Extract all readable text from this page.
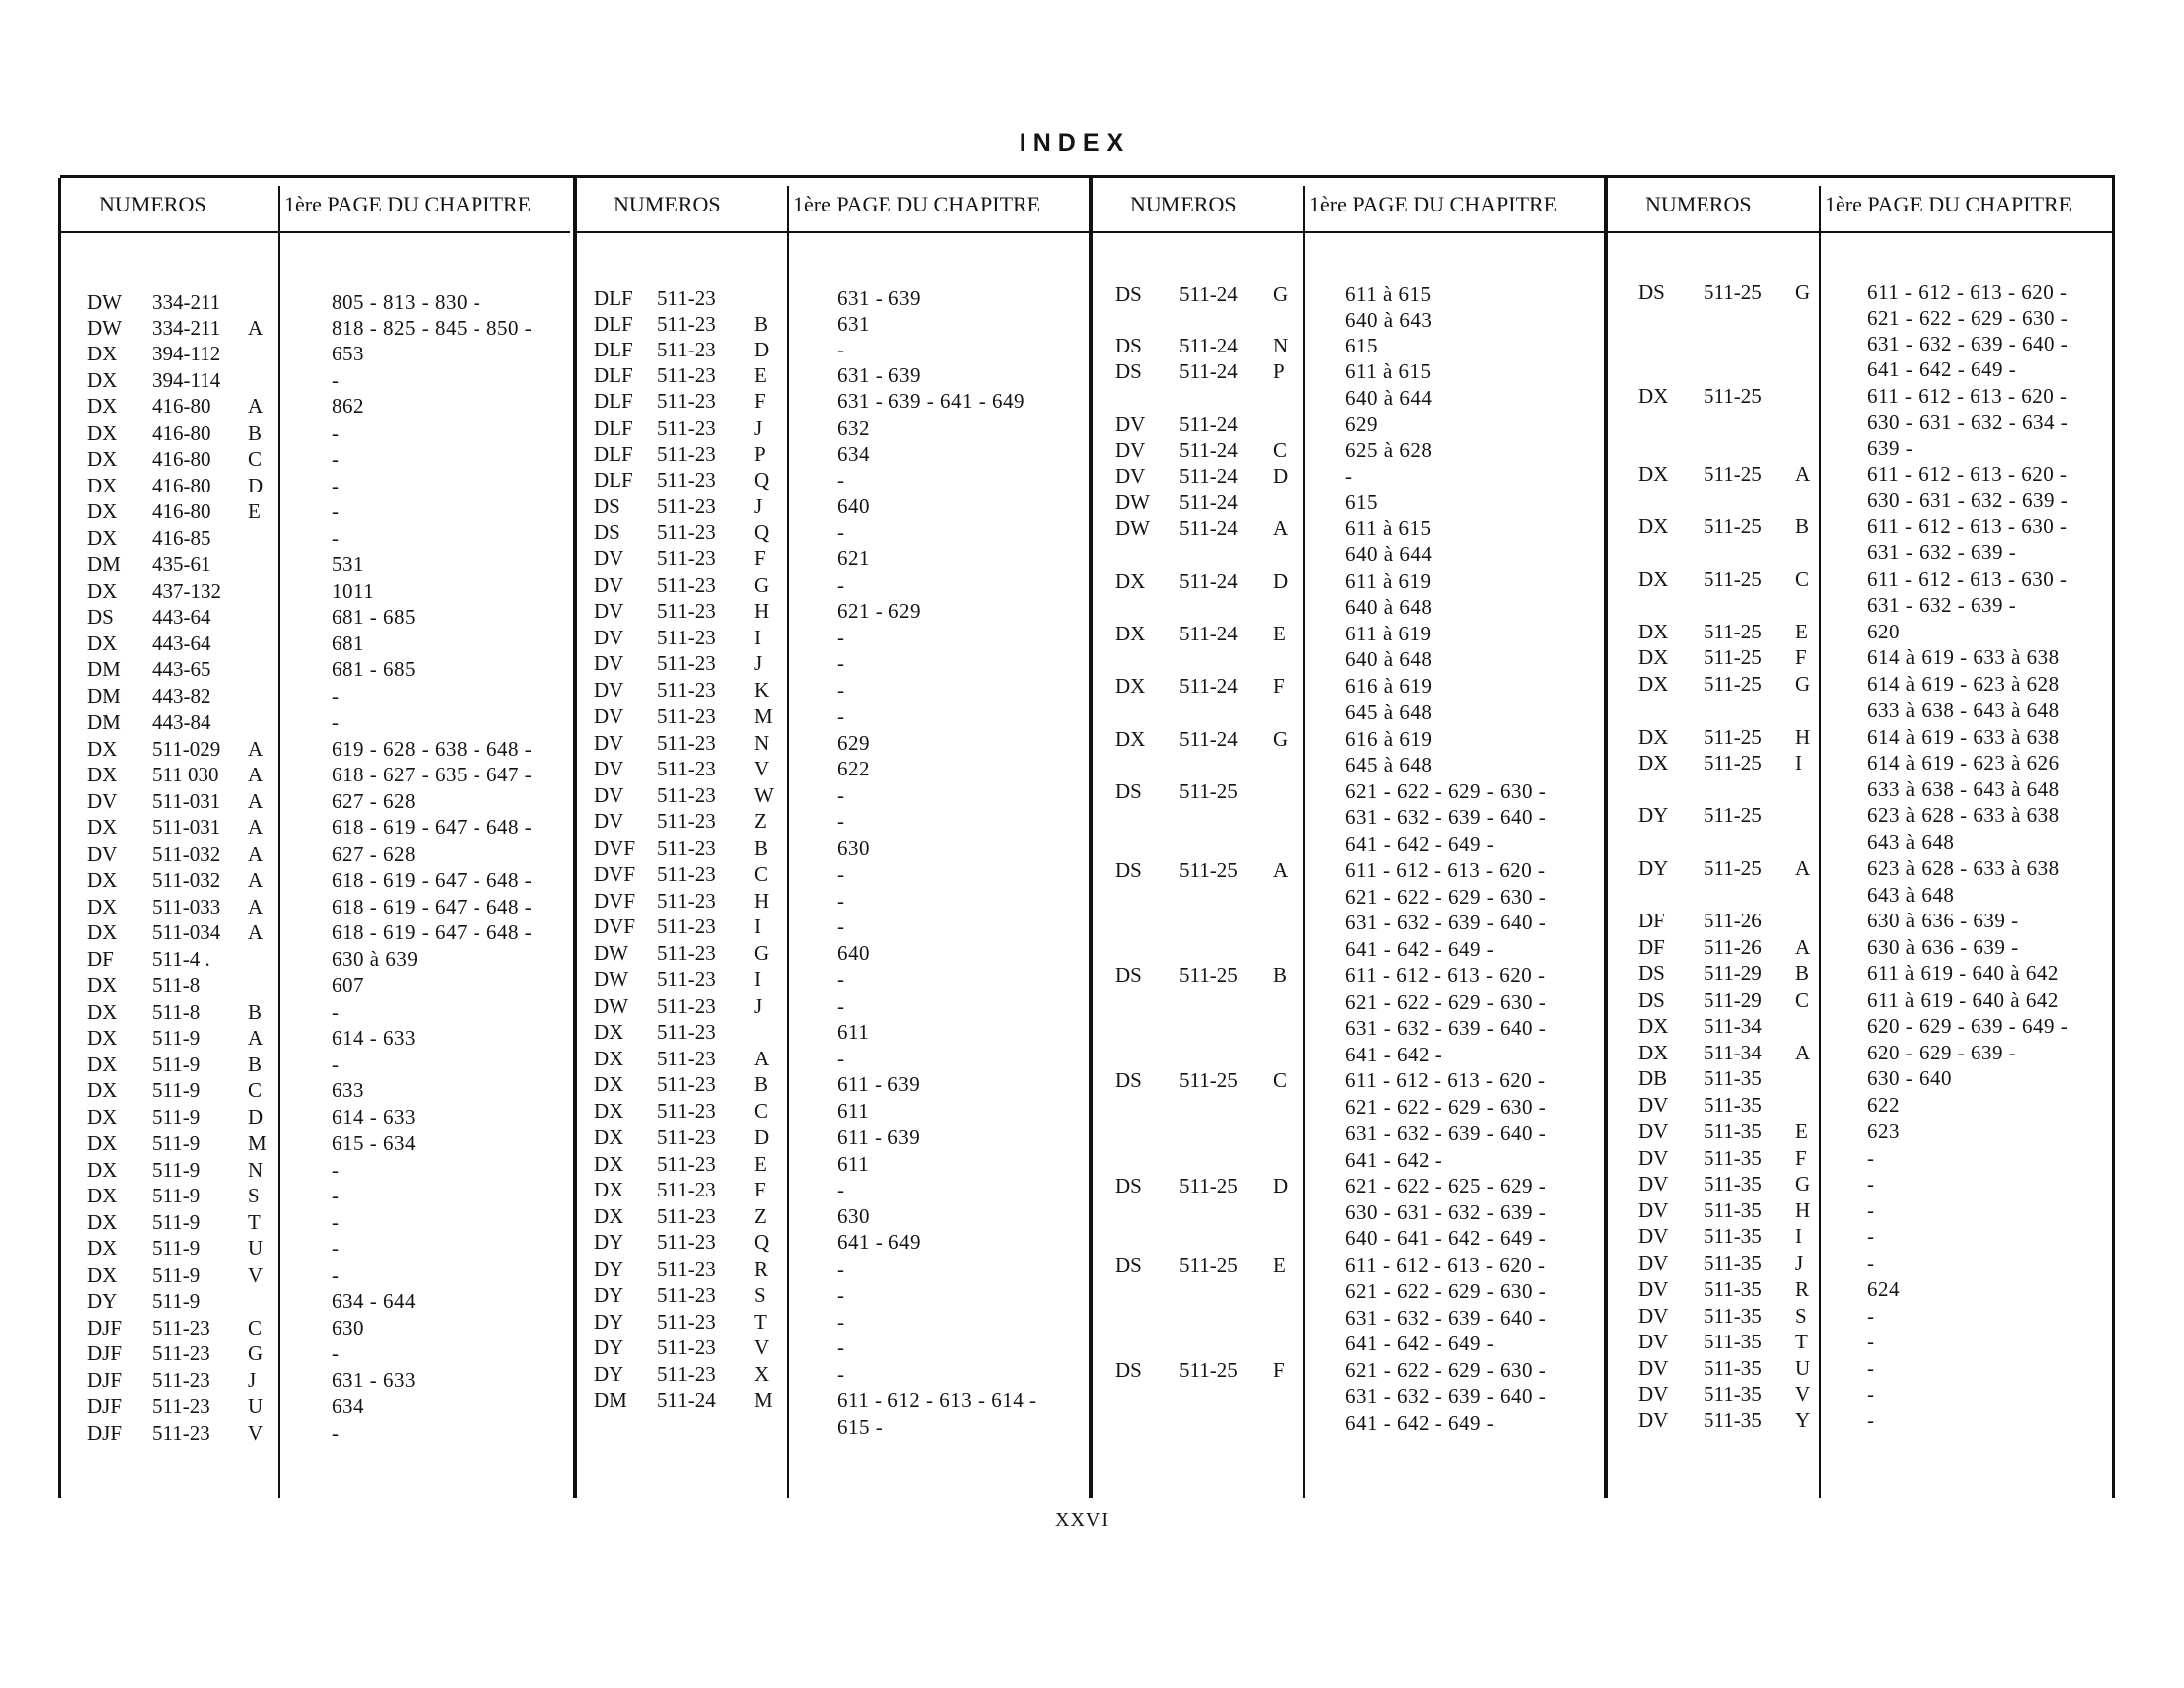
INDEX
NUMEROS	1ère PAGE DU CHAPITRE
DW	334-211	805 - 813 - 830 -
DW	334-211 A	818 - 825 - 845 - 850 -
DX	394-112	653
DX	394-114	-
DX	416-80 A	862
DX	416-80 B	-
DX	416-80 C	-
DX	416-80 D	-
DX	416-80 E	-
DX	416-85	-
DM	435-61	531
DX	437-132	1011
DS	443-64	681 - 685
DX	443-64	681
DM	443-65	681 - 685
DM	443-82	-
DM	443-84	-
DX	511-029 A	619 - 628 - 638 - 648 -
DX	511 030 A	618 - 627 - 635 - 647 -
DV	511-031 A	627 - 628
DX	511-031 A	618 - 619 - 647 - 648 -
DV	511-032 A	627 - 628
DX	511-032 A	618 - 619 - 647 - 648 -
DX	511-033 A	618 - 619 - 647 - 648 -
DX	511-034 A	618 - 619 - 647 - 648 -
DF	511-4 .	630 à 639
DX	511-8	607
DX	511-8 B	-
DX	511-9 A	614 - 633
DX	511-9 B	-
DX	511-9 C	633
DX	511-9 D	614 - 633
DX	511-9 M	615 - 634
DX	511-9 N	-
DX	511-9 S	-
DX	511-9 T	-
DX	511-9 U	-
DX	511-9 V	-
DY	511-9	634 - 644
DJF	511-23 C	630
DJF	511-23 G	-
DJF	511-23 J	631 - 633
DJF	511-23 U	634
DJF	511-23 V	-
NUMEROS	1ère PAGE DU CHAPITRE
DLF	511-23	631 - 639
DLF	511-23 B	631
DLF	511-23 D	-
DLF	511-23 E	631 - 639
DLF	511-23 F	631 - 639 - 641 - 649
DLF	511-23 J	632
DLF	511-23 P	634
DLF	511-23 Q	-
DS	511-23 J	640
DS	511-23 Q	-
DV	511-23 F	621
DV	511-23 G	-
DV	511-23 H	621 - 629
DV	511-23 I	-
DV	511-23 J	-
DV	511-23 K	-
DV	511-23 M	-
DV	511-23 N	629
DV	511-23 V	622
DV	511-23 W	-
DV	511-23 Z	-
DVF	511-23 B	630
DVF	511-23 C	-
DVF	511-23 H	-
DVF	511-23 I	-
DW	511-23 G	640
DW	511-23 I	-
DW	511-23 J	-
DX	511-23	611
DX	511-23 A	-
DX	511-23 B	611 - 639
DX	511-23 C	611
DX	511-23 D	611 - 639
DX	511-23 E	611
DX	511-23 F	-
DX	511-23 Z	630
DY	511-23 Q	641 - 649
DY	511-23 R	-
DY	511-23 S	-
DY	511-23 T	-
DY	511-23 V	-
DY	511-23 X	-
DM	511-24 M	611 - 612 - 613 - 614 -
615 -
NUMEROS	1ère PAGE DU CHAPITRE
DS	511-24 G	611 à 615
640 à 643
DS	511-24 N	615
DS	511-24 P	611 à 615
640 à 644
DV	511-24	629
DV	511-24 C	625 à 628
DV	511-24 D	-
DW	511-24	615
DW	511-24 A	611 à 615
640 à 644
DX	511-24 D	611 à 619
640 à 648
DX	511-24 E	611 à 619
640 à 648
DX	511-24 F	616 à 619
645 à 648
DX	511-24 G	616 à 619
645 à 648
DS	511-25	621 - 622 - 629 - 630 -
631 - 632 - 639 - 640 -
641 - 642 - 649 -
DS	511-25 A	611 - 612 - 613 - 620 -
621 - 622 - 629 - 630 -
631 - 632 - 639 - 640 -
641 - 642 - 649 -
DS	511-25 B	611 - 612 - 613 - 620 -
621 - 622 - 629 - 630 -
631 - 632 - 639 - 640 -
641 - 642 -
DS	511-25 C	611 - 612 - 613 - 620 -
621 - 622 - 629 - 630 -
631 - 632 - 639 - 640 -
641 - 642 -
DS	511-25 D	621 - 622 - 625 - 629 -
630 - 631 - 632 - 639 -
640 - 641 - 642 - 649 -
DS	511-25 E	611 - 612 - 613 - 620 -
621 - 622 - 629 - 630 -
631 - 632 - 639 - 640 -
641 - 642 - 649 -
DS	511-25 F	621 - 622 - 629 - 630 -
631 - 632 - 639 - 640 -
641 - 642 - 649 -
NUMEROS	1ère PAGE DU CHAPITRE
DS	511-25 G	611 - 612 - 613 - 620 -
621 - 622 - 629 - 630 -
631 - 632 - 639 - 640 -
641 - 642 - 649 -
DX	511-25	611 - 612 - 613 - 620 -
630 - 631 - 632 - 634 -
639 -
DX	511-25 A	611 - 612 - 613 - 620 -
630 - 631 - 632 - 639 -
DX	511-25 B	611 - 612 - 613 - 630 -
631 - 632 - 639 -
DX	511-25 C	611 - 612 - 613 - 630 -
631 - 632 - 639 -
DX	511-25 E	620
DX	511-25 F	614 à 619 - 633 à 638
DX	511-25 G	614 à 619 - 623 à 628
633 à 638 - 643 à 648
DX	511-25 H	614 à 619 - 633 à 638
DX	511-25 I	614 à 619 - 623 à 626
633 à 638 - 643 à 648
DY	511-25	623 à 628 - 633 à 638
643 à 648
DY	511-25 A	623 à 628 - 633 à 638
643 à 648
DF	511-26	630 à 636 - 639 -
DF	511-26 A	630 à 636 - 639 -
DS	511-29 B	611 à 619 - 640 à 642
DS	511-29 C	611 à 619 - 640 à 642
DX	511-34	620 - 629 - 639 - 649 -
DX	511-34 A	620 - 629 - 639 -
DB	511-35	630 - 640
DV	511-35	622
DV	511-35 E	623
DV	511-35 F	-
DV	511-35 G	-
DV	511-35 H	-
DV	511-35 I	-
DV	511-35 J	-
DV	511-35 R	624
DV	511-35 S	-
DV	511-35 T	-
DV	511-35 U	-
DV	511-35 V	-
DV	511-35 Y	-
XXVI
